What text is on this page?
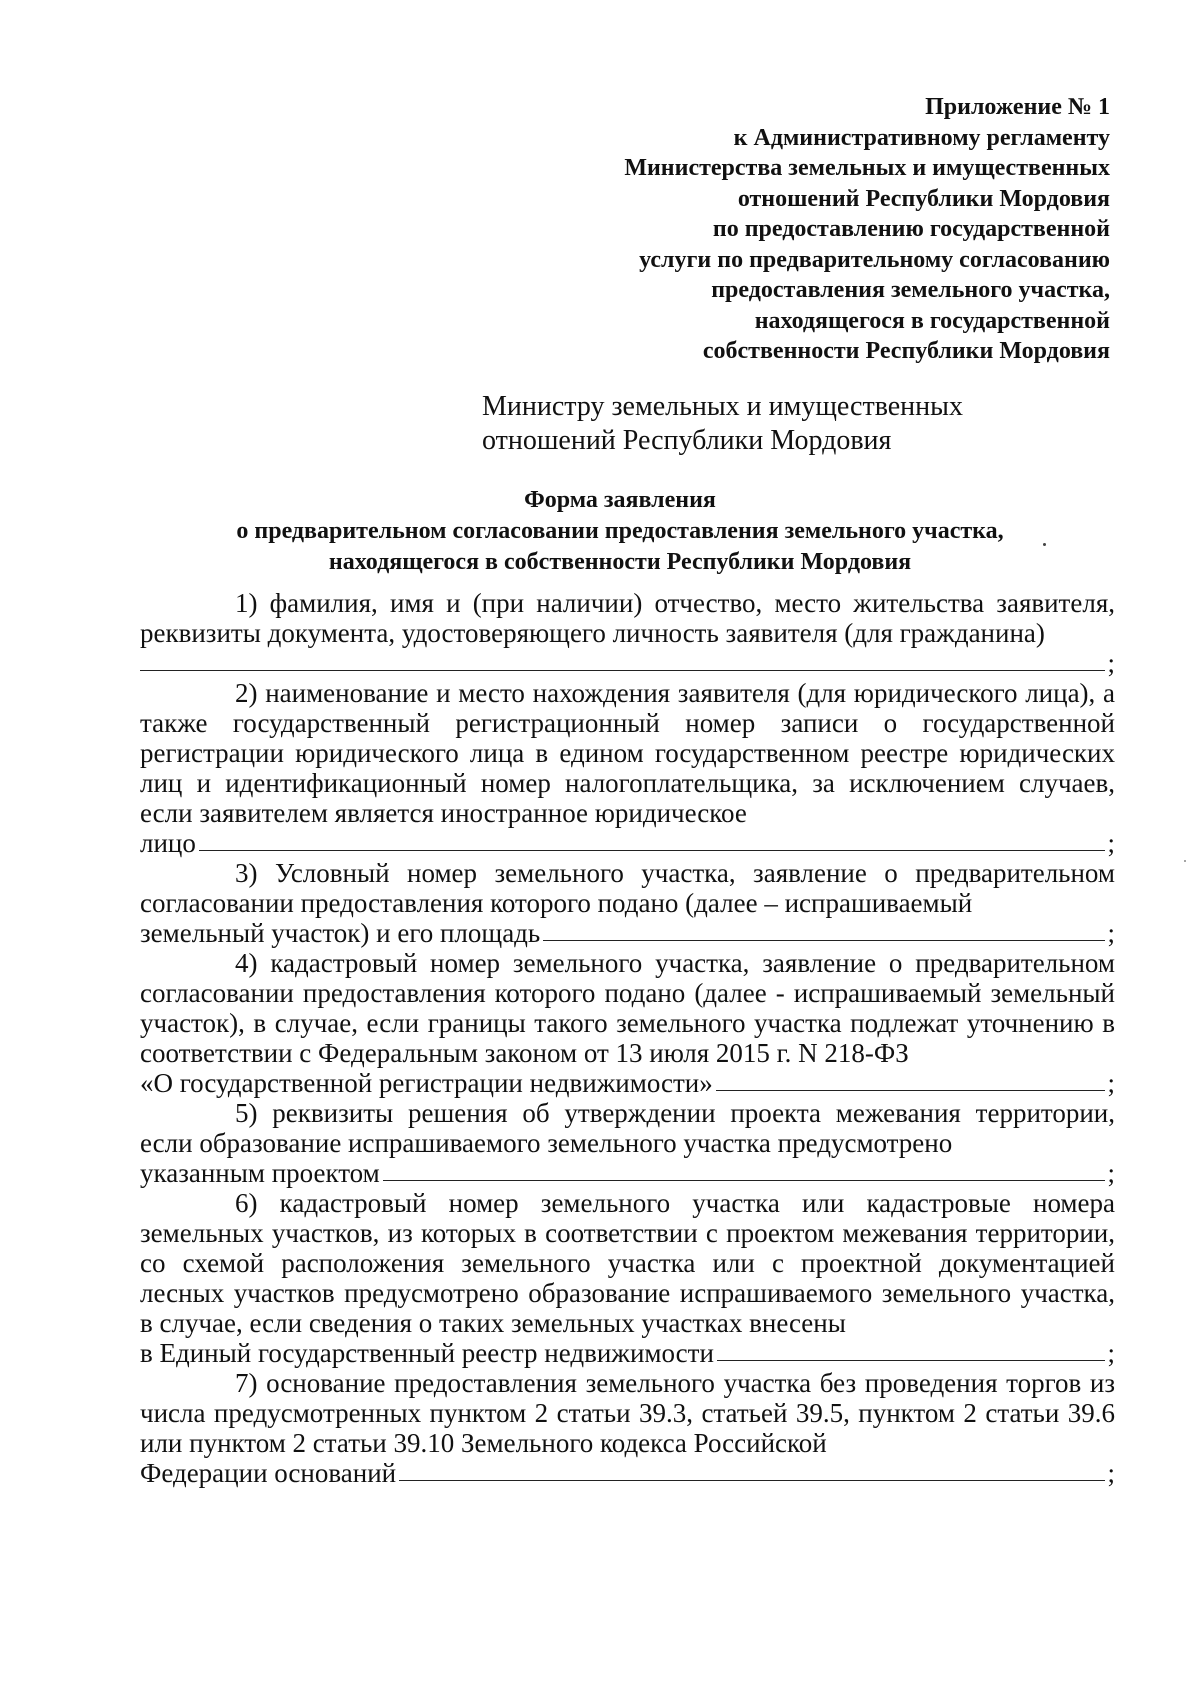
Приложение № 1
к Административному регламенту
Министерства земельных и имущественных
отношений Республики Мордовия
по предоставлению государственной
услуги по предварительному согласованию
предоставления земельного участка,
находящегося в государственной
собственности Республики Мордовия
Министру земельных и имущественных
отношений Республики Мордовия
Форма заявления
о предварительном согласовании предоставления земельного участка,
находящегося в собственности Республики Мордовия

1) фамилия, имя и (при наличии) отчество, место жительства заявителя, реквизиты документа, удостоверяющего личность заявителя (для гражданина)

;

2) наименование и место нахождения заявителя (для юридического лица), а также государственный регистрационный номер записи о государственной регистрации юридического лица в едином государственном реестре юридических лиц и идентификационный номер налогоплательщика, за исключением случаев, если заявителем является иностранное юридическое

лицо	;

3) Условный номер земельного участка, заявление о предварительном согласовании предоставления которого подано (далее – испрашиваемый

земельный участок) и его площадь	;

4) кадастровый номер земельного участка, заявление о предварительном согласовании предоставления которого подано (далее - испрашиваемый земельный участок), в случае, если границы такого земельного участка подлежат уточнению в соответствии с Федеральным законом от 13 июля 2015 г. N 218-ФЗ

«О государственной регистрации недвижимости»	;

5) реквизиты решения об утверждении проекта межевания территории, если образование испрашиваемого земельного участка предусмотрено

указанным проектом	;

6) кадастровый номер земельного участка или кадастровые номера земельных участков, из которых в соответствии с проектом межевания территории, со схемой расположения земельного участка или с проектной документацией лесных участков предусмотрено образование испрашиваемого земельного участка, в случае, если сведения о таких земельных участках внесены

в Единый государственный реестр недвижимости	;

7) основание предоставления земельного участка без проведения торгов из числа предусмотренных пунктом 2 статьи 39.3, статьей 39.5, пунктом 2 статьи 39.6 или пунктом 2 статьи 39.10 Земельного кодекса Российской

Федерации оснований	;
